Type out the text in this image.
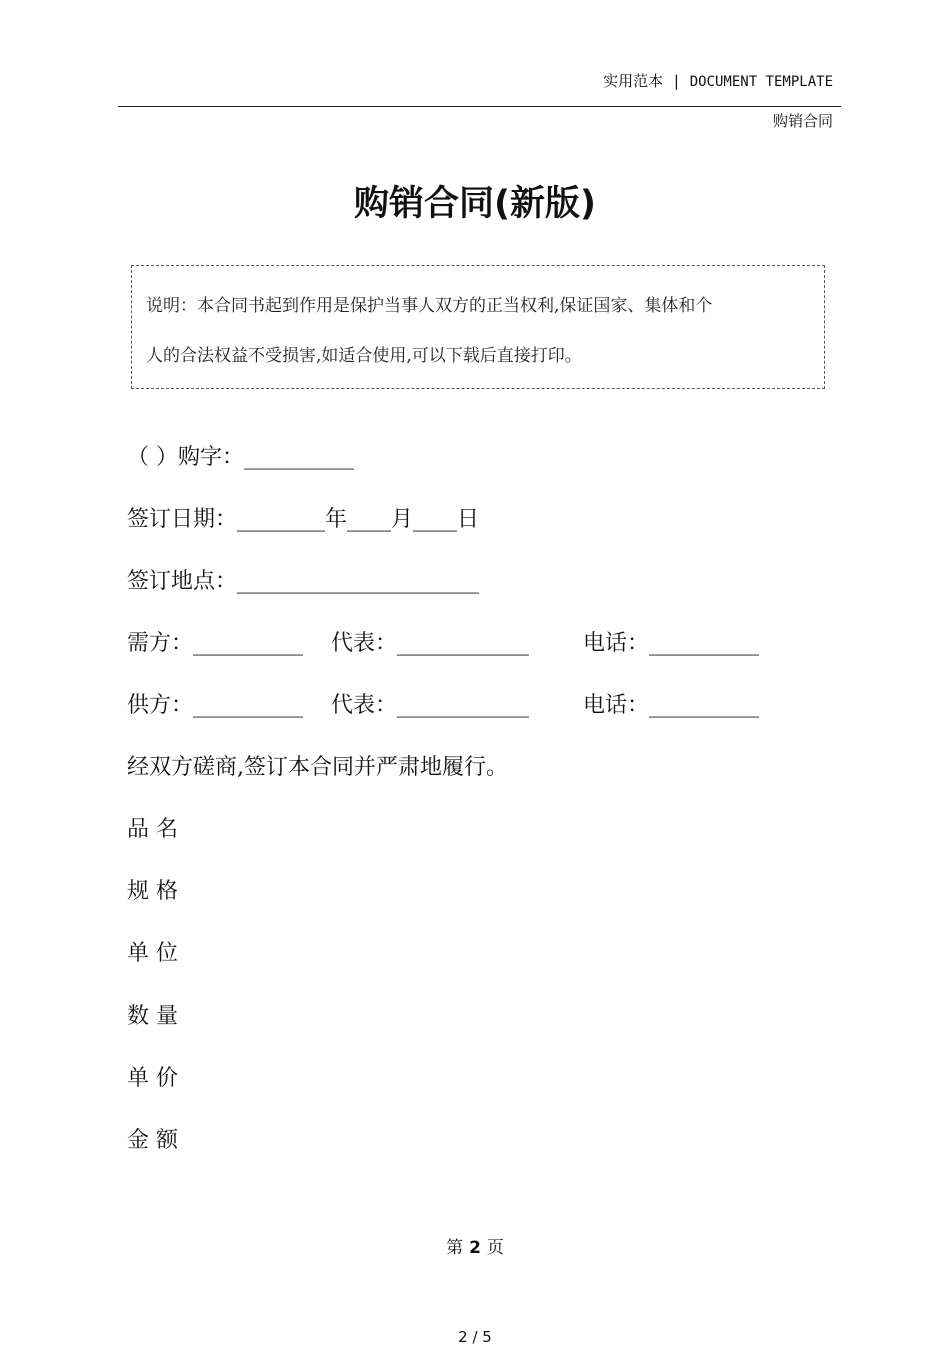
实用范本 | DOCUMENT TEMPLATE
购销合同
购销合同(新版)
说明：本合同书起到作用是保护当事人双方的正当权利,保证国家、集体和个
人的合法权益不受损害,如适合使用,可以下载后直接打印。
（ ）购字：__________
签订日期：________年____月____日
签订地点：______________________
需方：__________ 代表：____________ 电话：__________
供方：__________ 代表：____________ 电话：__________
经双方磋商,签订本合同并严肃地履行。
品 名
规 格
单 位
数 量
单 价
金 额
第 2 页
2 / 5
